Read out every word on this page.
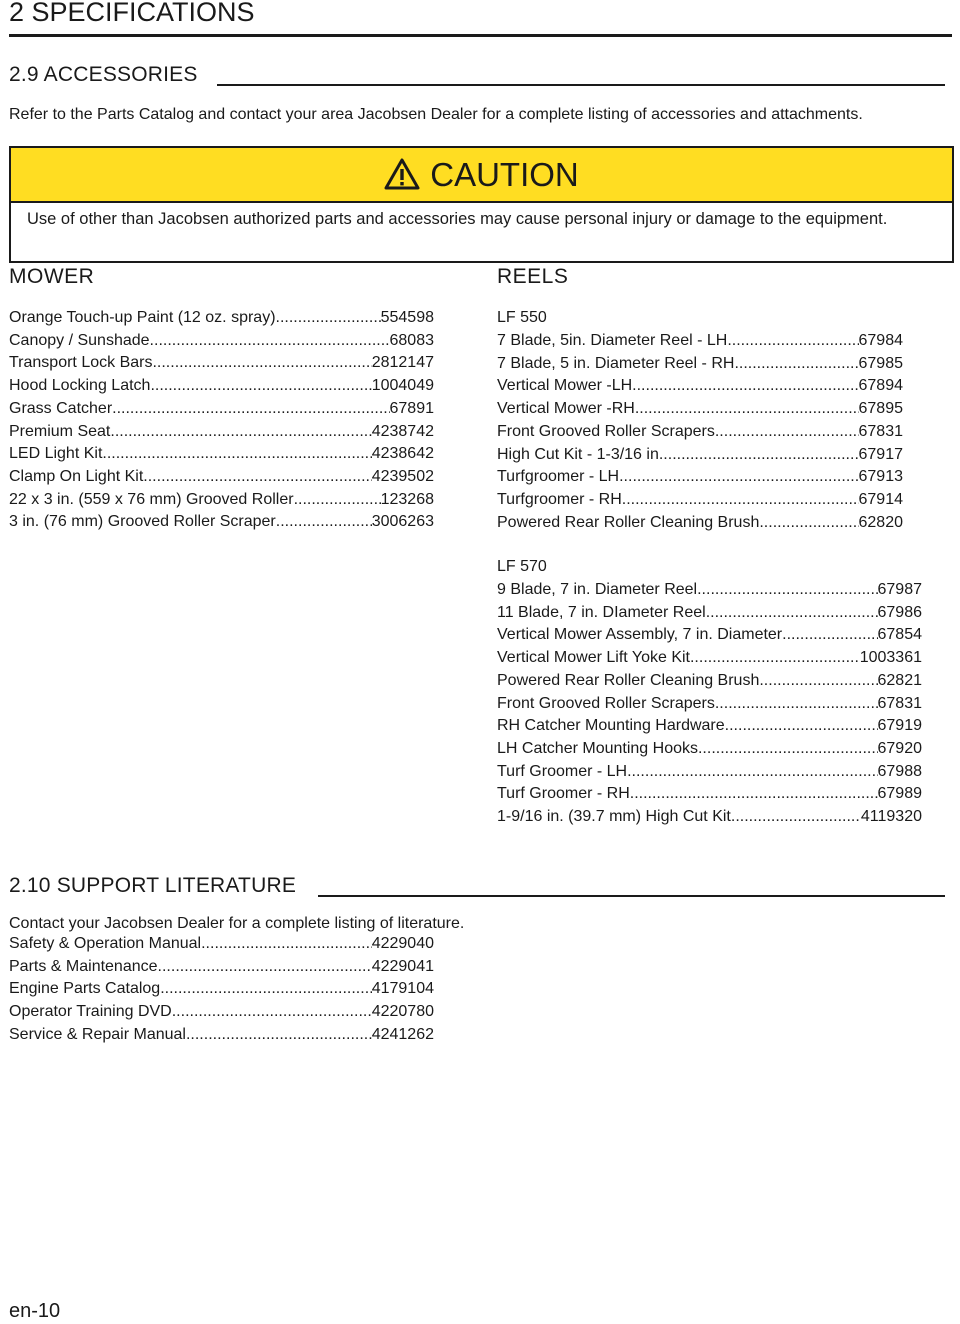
2 SPECIFICATIONS
2.9 ACCESSORIES
Refer to the Parts Catalog and contact your area Jacobsen Dealer for a complete listing of accessories and attachments.
CAUTION
Use of other than Jacobsen authorized parts and accessories may cause personal injury or damage to the equipment.
MOWER	REELS
Orange Touch-up Paint (12 oz. spray) .....	554598
Canopy / Sunshade .....	68083
Transport Lock Bars .....	2812147
Hood Locking Latch .....	1004049
Grass Catcher .....	67891
Premium Seat .....	4238742
LED Light Kit .....	4238642
Clamp On Light Kit .....	4239502
22 x 3 in. (559 x 76 mm) Grooved Roller .....	123268
3 in. (76 mm) Grooved Roller Scraper .....	3006263
LF 550
7 Blade, 5in. Diameter Reel - LH .....	67984
7 Blade, 5 in. Diameter Reel - RH .....	67985
Vertical Mower -LH .....	67894
Vertical Mower -RH .....	67895
Front Grooved Roller Scrapers .....	67831
High Cut Kit - 1-3/16 in. .....	67917
Turfgroomer - LH .....	67913
Turfgroomer - RH .....	67914
Powered Rear Roller Cleaning Brush .....	62820
LF 570
9 Blade, 7 in. Diameter Reel .....	67987
11 Blade, 7 in. DIameter Reel .....	67986
Vertical Mower Assembly, 7 in. Diameter .....	67854
Vertical Mower Lift Yoke Kit .....	1003361
Powered Rear Roller Cleaning Brush .....	62821
Front Grooved Roller Scrapers .....	67831
RH Catcher Mounting Hardware .....	67919
LH Catcher Mounting Hooks .....	67920
Turf Groomer - LH .....	67988
Turf Groomer - RH .....	67989
1-9/16 in. (39.7 mm) High Cut Kit .....	4119320
2.10 SUPPORT LITERATURE
Contact your Jacobsen Dealer for a complete listing of literature.
Safety & Operation Manual .....	4229040
Parts & Maintenance .....	4229041
Engine Parts Catalog .....	4179104
Operator Training DVD .....	4220780
Service & Repair Manual .....	4241262
en-10
